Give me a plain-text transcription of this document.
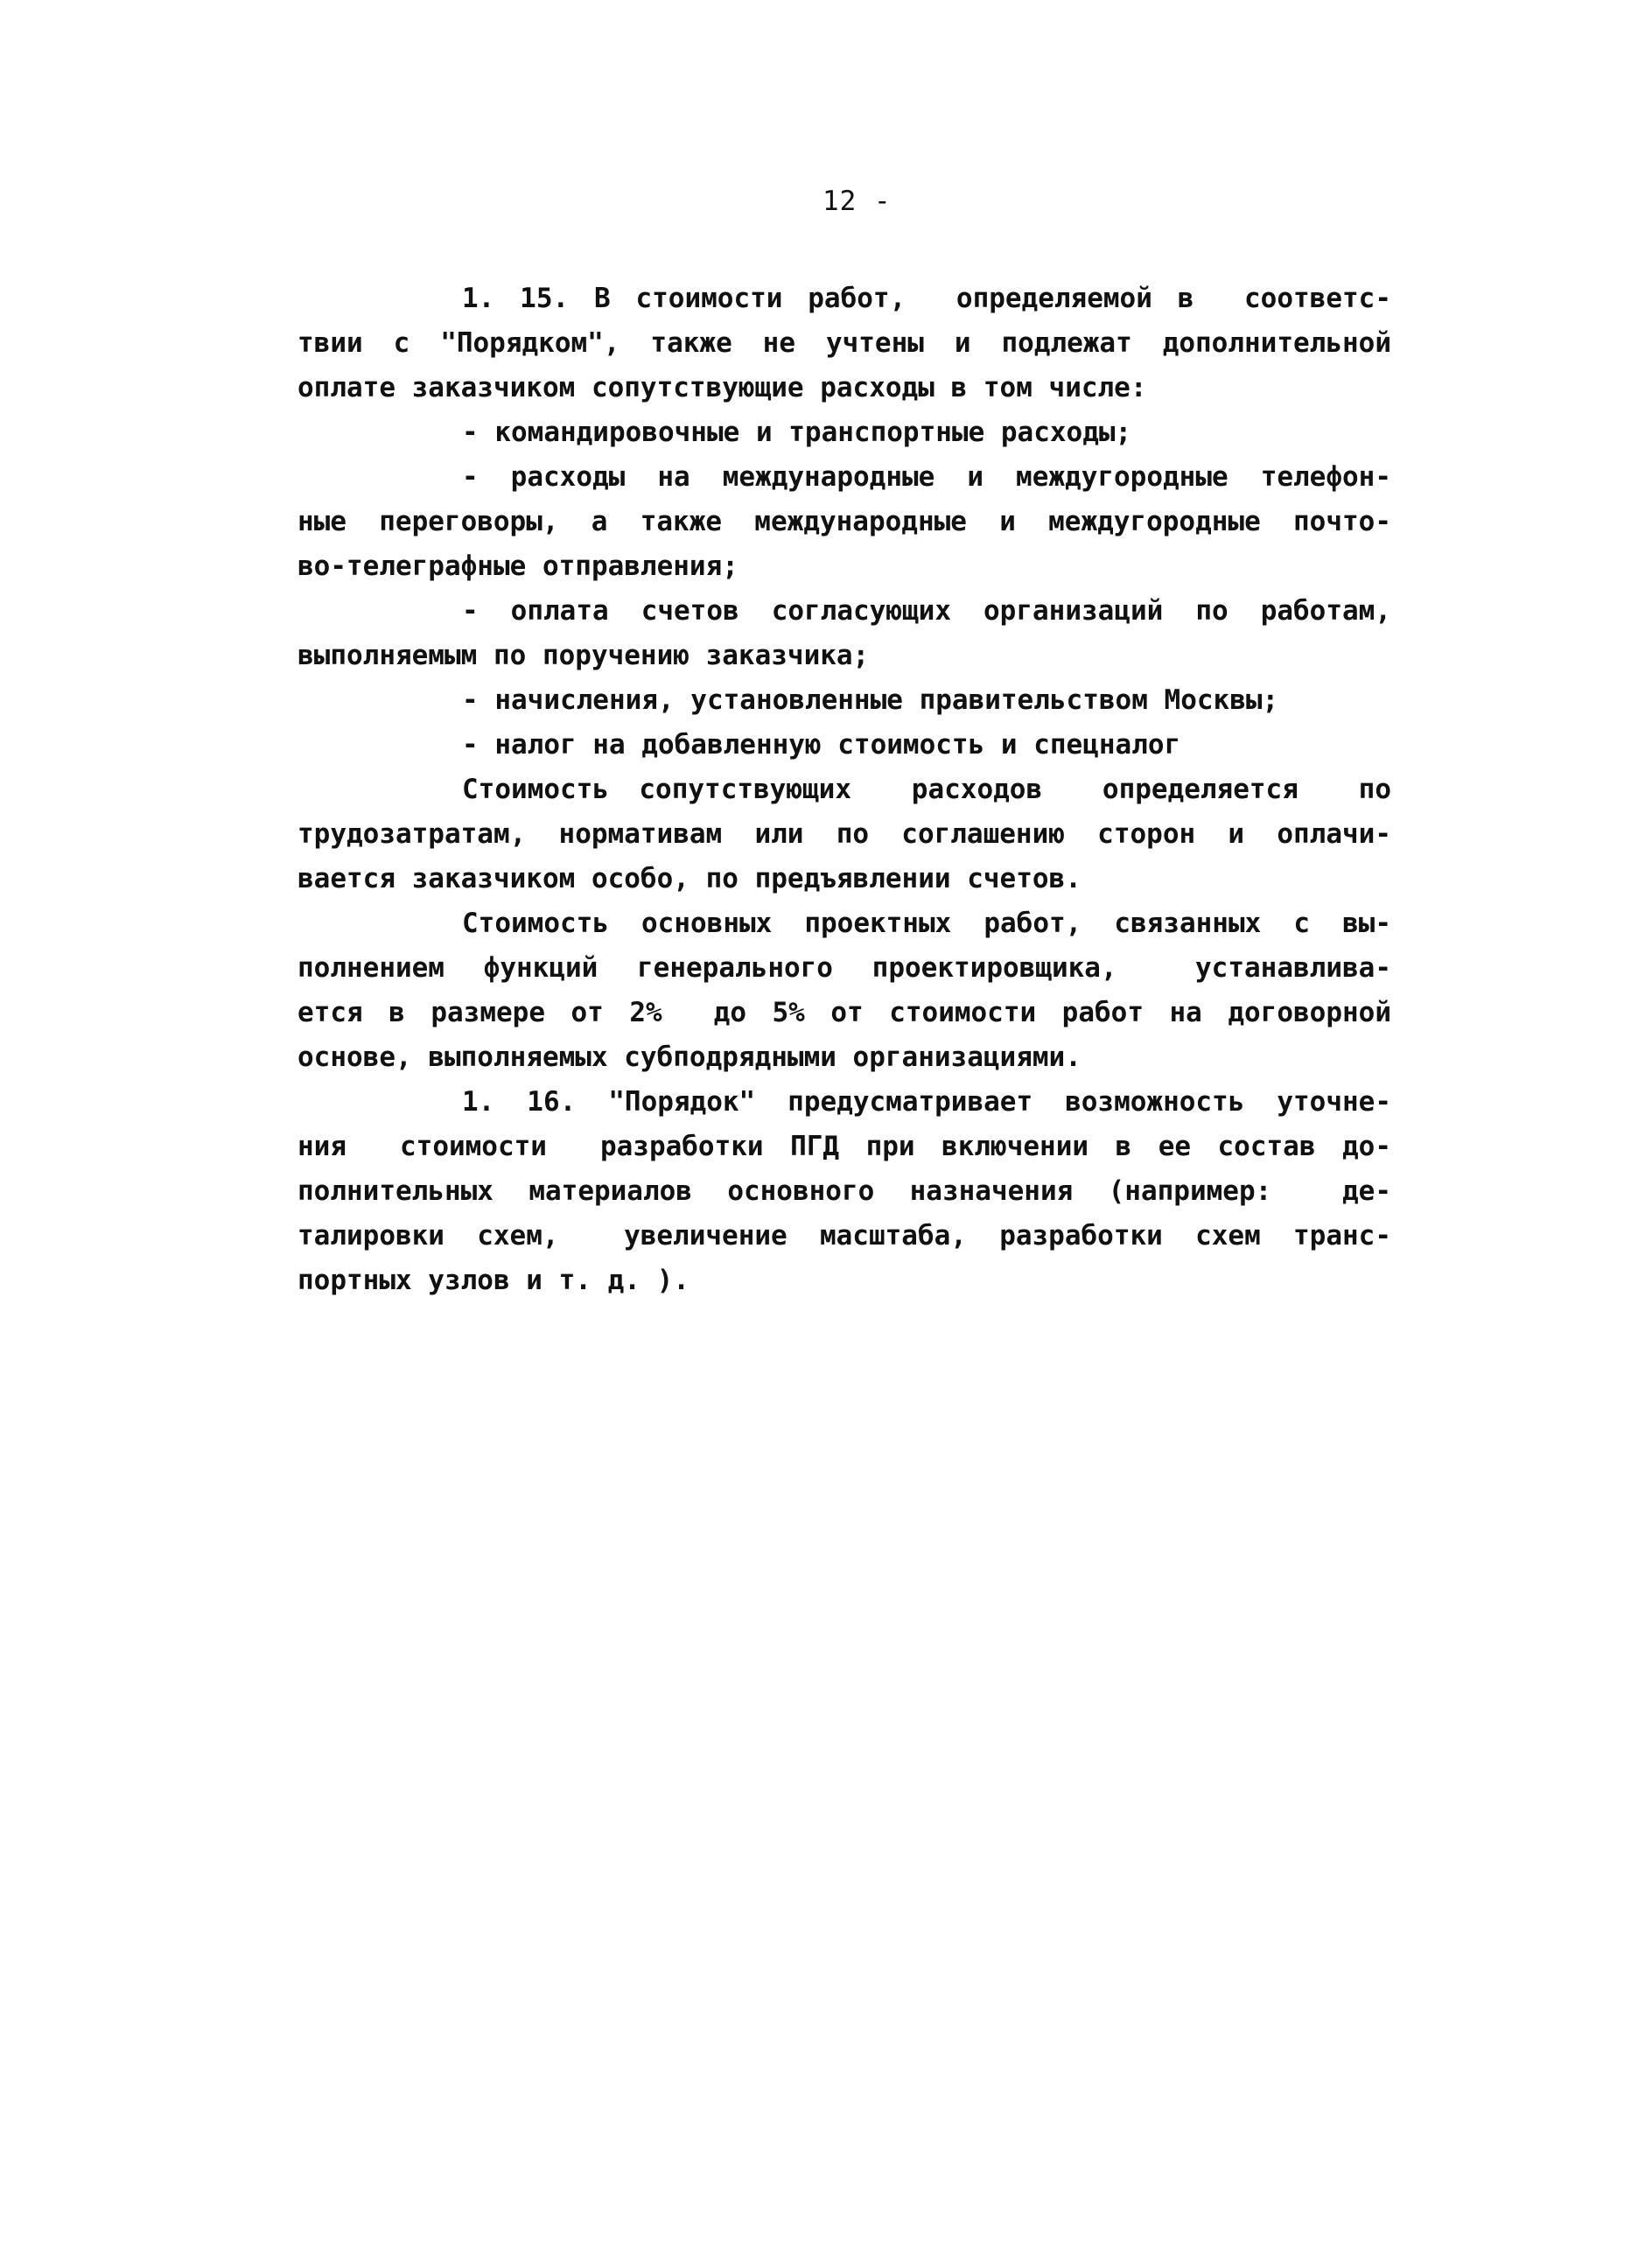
12 -
1. 15. В стоимости работ,  определяемой в  соответс-
твии с "Порядком", также не учтены и подлежат дополнительной
оплате заказчиком сопутствующие расходы в том числе:
- командировочные и транспортные расходы;
- расходы на международные и междугородные телефон-
ные переговоры, а также международные и междугородные почто-
во-телеграфные отправления;
- оплата счетов согласующих организаций по работам,
выполняемым по поручению заказчика;
- начисления, установленные правительством Москвы;
- налог на добавленную стоимость и спецналог
Стоимость сопутствующих  расходов  определяется  по
трудозатратам, нормативам или по соглашению сторон и оплачи-
вается заказчиком особо, по предъявлении счетов.
Стоимость основных проектных работ, связанных с вы-
полнением функций генерального проектировщика,  устанавлива-
ется в размере от 2%  до 5% от стоимости работ на договорной
основе, выполняемых субподрядными организациями.
1. 16. "Порядок" предусматривает возможность уточне-
ния  стоимости  разработки ПГД при включении в ее состав до-
полнительных материалов основного назначения (например:  де-
талировки схем,  увеличение масштаба, разработки схем транс-
портных узлов и т. д. ).
